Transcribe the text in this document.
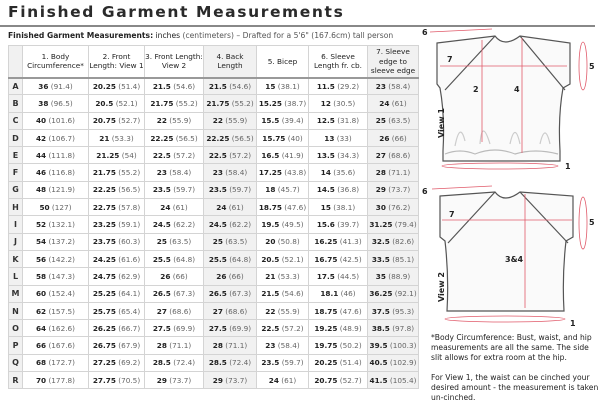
Finished Garment Measurements
Finished Garment Measurements: inches (centimeters) – Drafted for a 5'6" (167.6cm) tall person
	1. Body Circumference*	2. Front Length: View 1	3. Front Length: View 2	4. Back Length	5. Bicep	6. Sleeve Length fr. cb.	7. Sleeve edge to sleeve edge
A	36 (91.4)	20.25 (51.4)	21.5 (54.6)	21.5 (54.6)	15 (38.1)	11.5 (29.2)	23 (58.4)
B	38 (96.5)	20.5 (52.1)	21.75 (55.2)	21.75 (55.2)	15.25 (38.7)	12 (30.5)	24 (61)
C	40 (101.6)	20.75 (52.7)	22 (55.9)	22 (55.9)	15.5 (39.4)	12.5 (31.8)	25 (63.5)
D	42 (106.7)	21 (53.3)	22.25 (56.5)	22.25 (56.5)	15.75 (40)	13 (33)	26 (66)
E	44 (111.8)	21.25 (54)	22.5 (57.2)	22.5 (57.2)	16.5 (41.9)	13.5 (34.3)	27 (68.6)
F	46 (116.8)	21.75 (55.2)	23 (58.4)	23 (58.4)	17.25 (43.8)	14 (35.6)	28 (71.1)
G	48 (121.9)	22.25 (56.5)	23.5 (59.7)	23.5 (59.7)	18 (45.7)	14.5 (36.8)	29 (73.7)
H	50 (127)	22.75 (57.8)	24 (61)	24 (61)	18.75 (47.6)	15 (38.1)	30 (76.2)
I	52 (132.1)	23.25 (59.1)	24.5 (62.2)	24.5 (62.2)	19.5 (49.5)	15.6 (39.7)	31.25 (79.4)
J	54 (137.2)	23.75 (60.3)	25 (63.5)	25 (63.5)	20 (50.8)	16.25 (41.3)	32.5 (82.6)
K	56 (142.2)	24.25 (61.6)	25.5 (64.8)	25.5 (64.8)	20.5 (52.1)	16.75 (42.5)	33.5 (85.1)
L	58 (147.3)	24.75 (62.9)	26 (66)	26 (66)	21 (53.3)	17.5 (44.5)	35 (88.9)
M	60 (152.4)	25.25 (64.1)	26.5 (67.3)	26.5 (67.3)	21.5 (54.6)	18.1 (46)	36.25 (92.1)
N	62 (157.5)	25.75 (65.4)	27 (68.6)	27 (68.6)	22 (55.9)	18.75 (47.6)	37.5 (95.3)
O	64 (162.6)	26.25 (66.7)	27.5 (69.9)	27.5 (69.9)	22.5 (57.2)	19.25 (48.9)	38.5 (97.8)
P	66 (167.6)	26.75 (67.9)	28 (71.1)	28 (71.1)	23 (58.4)	19.75 (50.2)	39.5 (100.3)
Q	68 (172.7)	27.25 (69.2)	28.5 (72.4)	28.5 (72.4)	23.5 (59.7)	20.25 (51.4)	40.5 (102.9)
R	70 (177.8)	27.75 (70.5)	29 (73.7)	29 (73.7)	24 (61)	20.75 (52.7)	41.5 (105.4)
6
7
5
2	4
1
View 1
6
7
5
3&4
1
View 2

*Body Circumference: Bust, waist, and hip measurements are all the same. The side slit allows for extra room at the hip.

For View 1, the waist can be cinched your desired amount - the measurement is taken un-cinched.
